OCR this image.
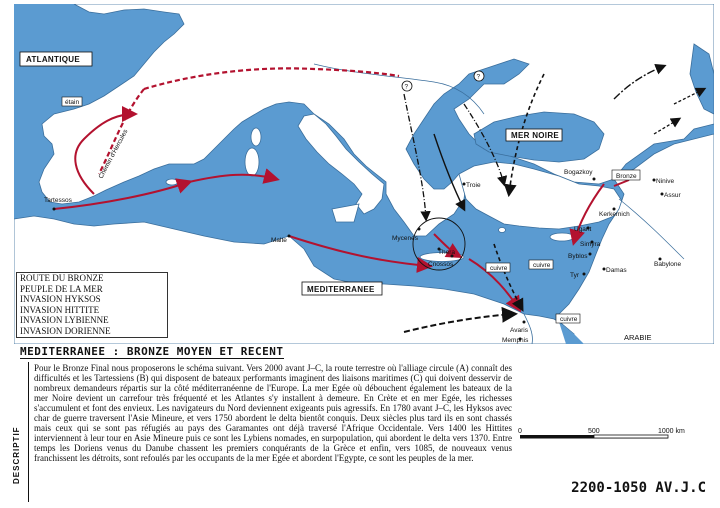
?
?
ATLANTIQUE
MER NOIRE
MEDITERRANEE
étain
cuivre	cuivre
cuivre
Bronze
Chemin d'Hercules
Tartessos
Malte	Mycenes
Troie
Thera
Cnossos
Bogazkoy
Ninive
Assur
Kerkemich
Ugarit
Simyra
Byblos
Tyr
Damas
Babylone
Avaris
Memphis	ARABIE
ROUTE DU BRONZE
PEUPLE DE LA MER
INVASION HYKSOS
INVASION HITTITE
INVASION LYBIENNE
INVASION DORIENNE
MEDITERRANEE : BRONZE MOYEN ET RECENT
DESCRIPTIF
Pour le Bronze Final nous proposerons le schéma suivant. Vers 2000 avant J–C, la route terrestre où l'alliage circule (A) connaît des difficultés et les Tartessiens (B) qui disposent de bateaux performants imaginent des liaisons maritimes (C) qui doivent desservir de nombreux demandeurs répartis sur la côté méditerranéenne de l'Europe. La mer Egée où débouchent également les bateaux de la mer Noire devient un carrefour très fréquenté et les Atlantes s'y installent à demeure. En Crète et en mer Egée, les richesses s'accumulent et font des envieux. Les navigateurs du Nord deviennent exigeants puis agressifs. En 1780 avant J–C, les Hyksos avec char de guerre traversent l'Asie Mineure, et vers 1750 abordent le delta bientôt conquis. Deux siècles plus tard ils en sont chassés mais ceux qui se sont pas réfugiés au pays des Garamantes ont déjà traversé l'Afrique Occidentale. Vers 1400 les Hittites interviennent à leur tour en Asie Mineure puis ce sont les Lybiens nomades, en surpopulation, qui abordent le delta vers 1370. Entre temps les Doriens venus du Danube chassent les premiers conquérants de la Grèce et enfin, vers 1085, de nouveaux venus franchissent les détroits, sont refoulés par les occupants de la mer Egée et abordent l'Egypte, ce sont les peuples de la mer.
0	500	1000 km
2200-1050 AV.J.C
